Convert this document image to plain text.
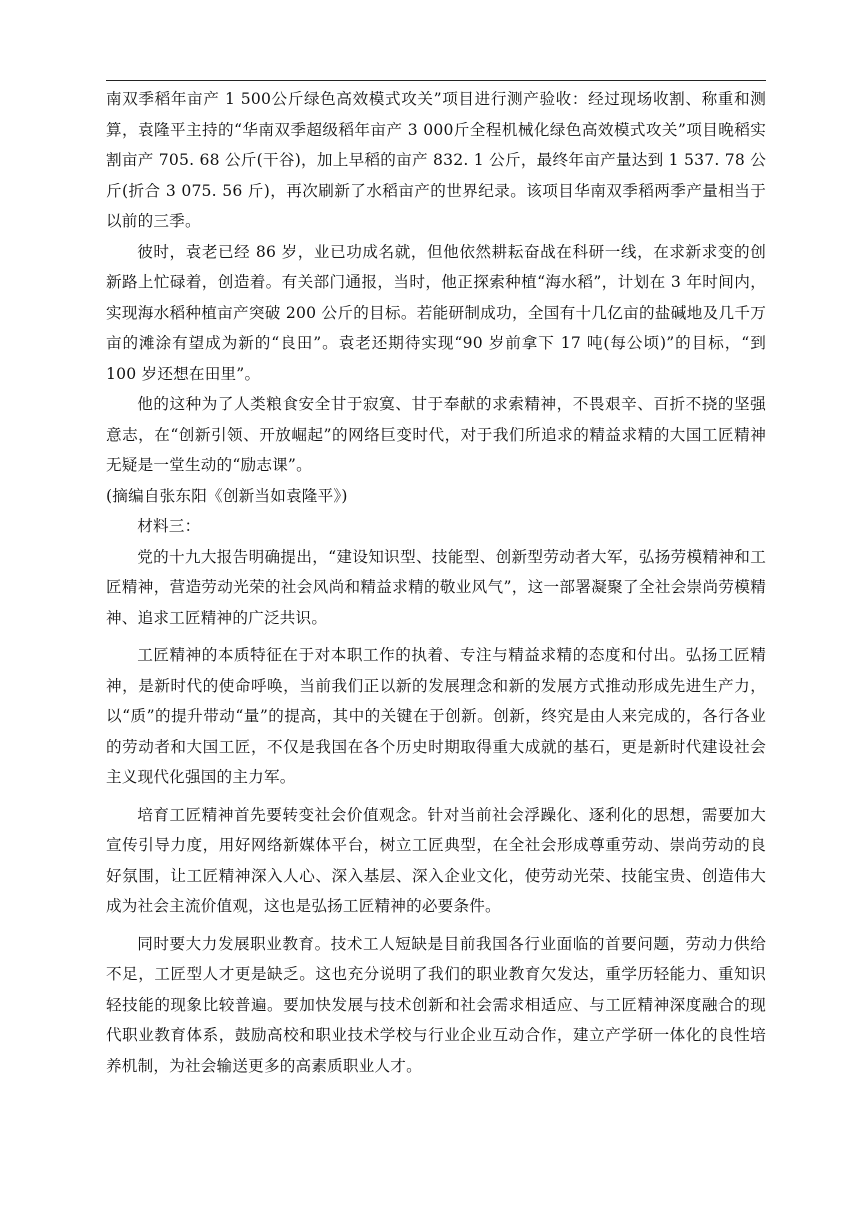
南双季稻年亩产 1 500公斤绿色高效模式攻关”项目进行测产验收：经过现场收割、称重和测算，袁隆平主持的“华南双季超级稻年亩产 3 000斤全程机械化绿色高效模式攻关”项目晚稻实割亩产 705. 68 公斤(干谷)，加上早稻的亩产 832. 1 公斤，最终年亩产量达到 1 537. 78 公斤(折合 3 075. 56 斤)，再次刷新了水稻亩产的世界纪录。该项目华南双季稻两季产量相当于以前的三季。

彼时，袁老已经 86 岁，业已功成名就，但他依然耕耘奋战在科研一线，在求新求变的创新路上忙碌着，创造着。有关部门通报，当时，他正探索种植“海水稻”，计划在 3 年时间内，实现海水稻种植亩产突破 200 公斤的目标。若能研制成功，全国有十几亿亩的盐碱地及几千万亩的滩涂有望成为新的“良田”。袁老还期待实现“90 岁前拿下 17 吨(每公顷)”的目标，“到 100 岁还想在田里”。

他的这种为了人类粮食安全甘于寂寞、甘于奉献的求索精神，不畏艰辛、百折不挠的坚强意志，在“创新引领、开放崛起”的网络巨变时代，对于我们所追求的精益求精的大国工匠精神无疑是一堂生动的“励志课”。

(摘编自张东阳《创新当如袁隆平》)

材料三：

党的十九大报告明确提出，“建设知识型、技能型、创新型劳动者大军，弘扬劳模精神和工匠精神，营造劳动光荣的社会风尚和精益求精的敬业风气”，这一部署凝聚了全社会崇尚劳模精神、追求工匠精神的广泛共识。

工匠精神的本质特征在于对本职工作的执着、专注与精益求精的态度和付出。弘扬工匠精神，是新时代的使命呼唤，当前我们正以新的发展理念和新的发展方式推动形成先进生产力，以“质”的提升带动“量”的提高，其中的关键在于创新。创新，终究是由人来完成的，各行各业的劳动者和大国工匠，不仅是我国在各个历史时期取得重大成就的基石，更是新时代建设社会主义现代化强国的主力军。

培育工匠精神首先要转变社会价值观念。针对当前社会浮躁化、逐利化的思想，需要加大宣传引导力度，用好网络新媒体平台，树立工匠典型，在全社会形成尊重劳动、崇尚劳动的良好氛围，让工匠精神深入人心、深入基层、深入企业文化，使劳动光荣、技能宝贵、创造伟大成为社会主流价值观，这也是弘扬工匠精神的必要条件。

同时要大力发展职业教育。技术工人短缺是目前我国各行业面临的首要问题，劳动力供给不足，工匠型人才更是缺乏。这也充分说明了我们的职业教育欠发达，重学历轻能力、重知识轻技能的现象比较普遍。要加快发展与技术创新和社会需求相适应、与工匠精神深度融合的现代职业教育体系，鼓励高校和职业技术学校与行业企业互动合作，建立产学研一体化的良性培养机制，为社会输送更多的高素质职业人才。
